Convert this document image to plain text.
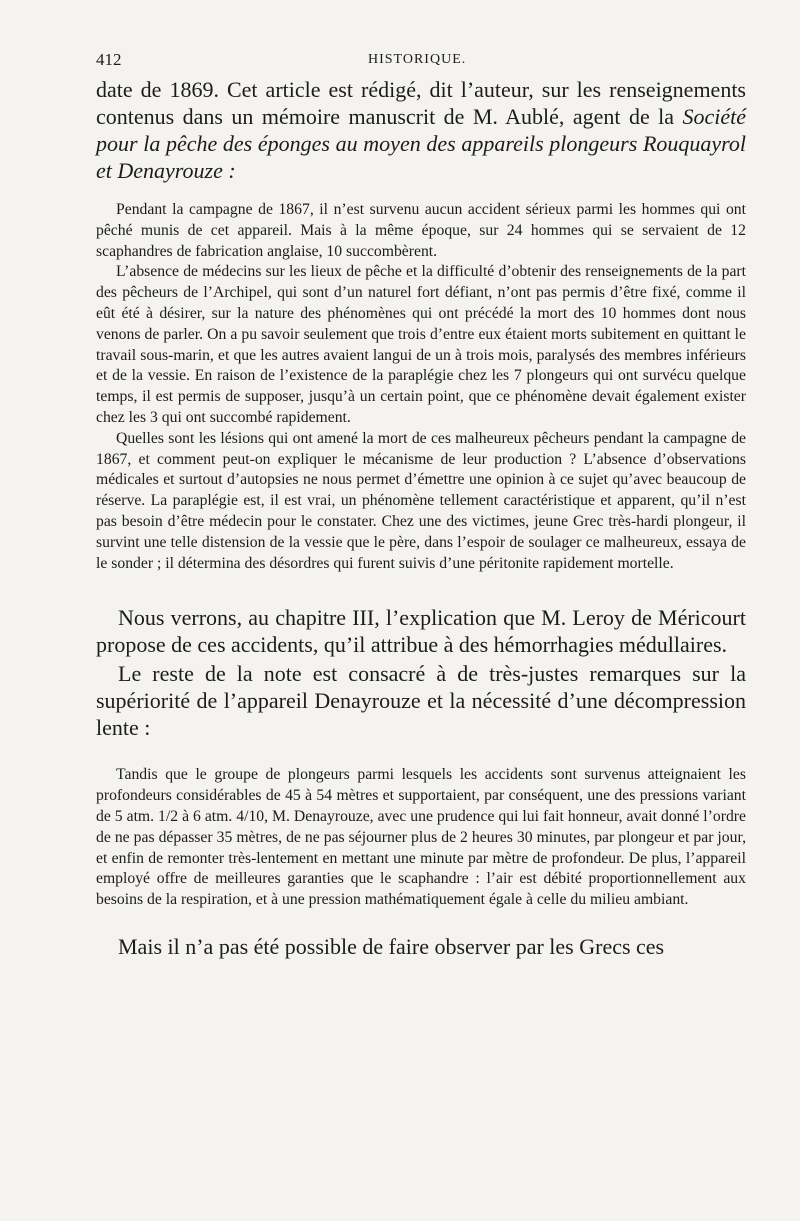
412	HISTORIQUE.

date de 1869. Cet article est rédigé, dit l’auteur, sur les renseignements contenus dans un mémoire manuscrit de M. Aublé, agent de la Société pour la pêche des éponges au moyen des appareils plongeurs Rouquayrol et Denayrouze :

Pendant la campagne de 1867, il n’est survenu aucun accident sérieux parmi les hommes qui ont pêché munis de cet appareil. Mais à la même époque, sur 24 hommes qui se servaient de 12 scaphandres de fabrication anglaise, 10 succombèrent.

L’absence de médecins sur les lieux de pêche et la difficulté d’obtenir des renseignements de la part des pêcheurs de l’Archipel, qui sont d’un naturel fort défiant, n’ont pas permis d’être fixé, comme il eût été à désirer, sur la nature des phénomènes qui ont précédé la mort des 10 hommes dont nous venons de parler. On a pu savoir seulement que trois d’entre eux étaient morts subitement en quittant le travail sous-marin, et que les autres avaient langui de un à trois mois, paralysés des membres inférieurs et de la vessie. En raison de l’existence de la paraplégie chez les 7 plongeurs qui ont survécu quelque temps, il est permis de supposer, jusqu’à un certain point, que ce phénomène devait également exister chez les 3 qui ont succombé rapidement.

Quelles sont les lésions qui ont amené la mort de ces malheureux pêcheurs pendant la campagne de 1867, et comment peut-on expliquer le mécanisme de leur production ? L’absence d’observations médicales et surtout d’autopsies ne nous permet d’émettre une opinion à ce sujet qu’avec beaucoup de réserve. La paraplégie est, il est vrai, un phénomène tellement caractéristique et apparent, qu’il n’est pas besoin d’être médecin pour le constater. Chez une des victimes, jeune Grec très-hardi plongeur, il survint une telle distension de la vessie que le père, dans l’espoir de soulager ce malheureux, essaya de le sonder ; il détermina des désordres qui furent suivis d’une péritonite rapidement mortelle.

Nous verrons, au chapitre III, l’explication que M. Leroy de Méricourt propose de ces accidents, qu’il attribue à des hémorrhagies médullaires.

Le reste de la note est consacré à de très-justes remarques sur la supériorité de l’appareil Denayrouze et la nécessité d’une décompression lente :

Tandis que le groupe de plongeurs parmi lesquels les accidents sont survenus atteignaient les profondeurs considérables de 45 à 54 mètres et supportaient, par conséquent, une des pressions variant de 5 atm. 1/2 à 6 atm. 4/10, M. Denayrouze, avec une prudence qui lui fait honneur, avait donné l’ordre de ne pas dépasser 35 mètres, de ne pas séjourner plus de 2 heures 30 minutes, par plongeur et par jour, et enfin de remonter très-lentement en mettant une minute par mètre de profondeur. De plus, l’appareil employé offre de meilleures garanties que le scaphandre : l’air est débité proportionnellement aux besoins de la respiration, et à une pression mathématiquement égale à celle du milieu ambiant.

Mais il n’a pas été possible de faire observer par les Grecs ces
